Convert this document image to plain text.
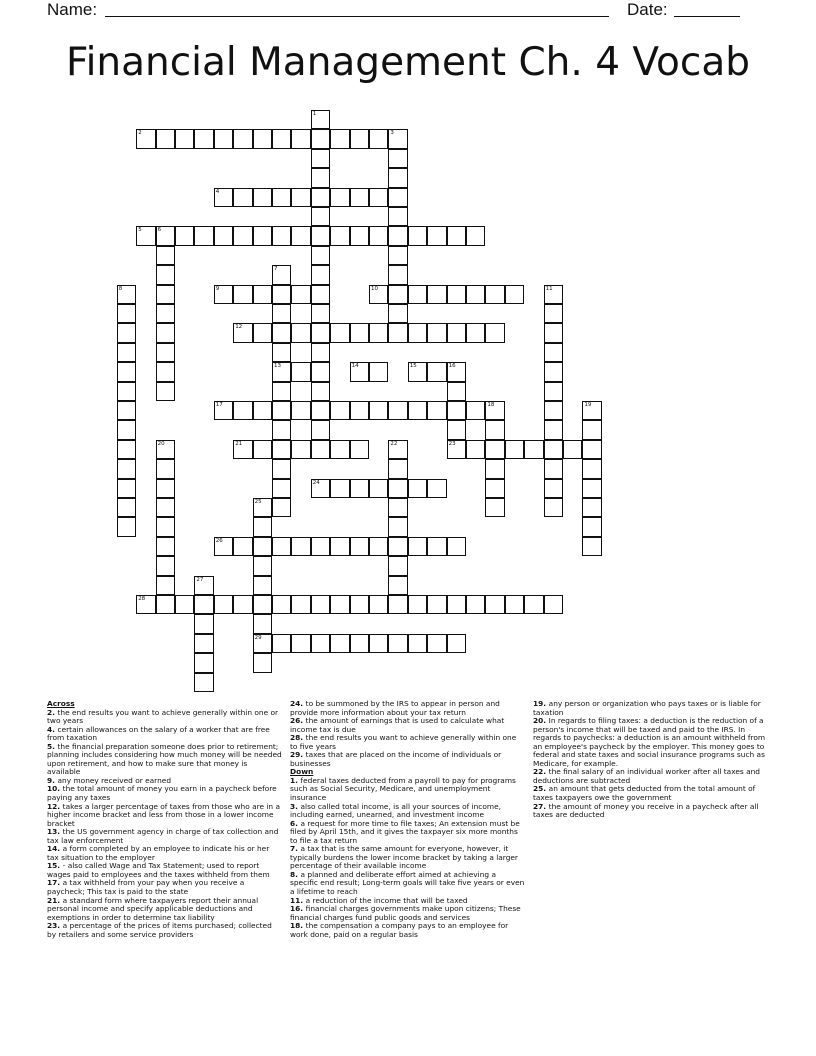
Name:	Date:
Financial Management Ch. 4 Vocab
1
2	3
4
5	6
7
13
8	9	10	11
12
14	15	16
17	18	19
20	21	22	23
24
25
29
26
27
28
Across
2. the end results you want to achieve generally within one or two years
4. certain allowances on the salary of a worker that are free from taxation
5. the financial preparation someone does prior to retirement; planning includes considering how much money will be needed upon retirement, and how to make sure that money is available
9. any money received or earned
10. the total amount of money you earn in a paycheck before paying any taxes
12. takes a larger percentage of taxes from those who are in a higher income bracket and less from those in a lower income bracket
13. the US government agency in charge of tax collection and tax law enforcement
14. a form completed by an employee to indicate his or her tax situation to the employer
15. - also called Wage and Tax Statement; used to report wages paid to employees and the taxes withheld from them
17. a tax withheld from your pay when you receive a paycheck; This tax is paid to the state
21. a standard form where taxpayers report their annual personal income and specify applicable deductions and exemptions in order to determine tax liability
23. a percentage of the prices of items purchased; collected by retailers and some service providers
24. to be summoned by the IRS to appear in person and provide more information about your tax return
26. the amount of earnings that is used to calculate what income tax is due
28. the end results you want to achieve generally within one to five years
29. taxes that are placed on the income of individuals or businesses
Down
1. federal taxes deducted from a payroll to pay for programs such as Social Security, Medicare, and unemployment insurance
3. also called total income, is all your sources of income, including earned, unearned, and investment income
6. a request for more time to file taxes; An extension must be filed by April 15th, and it gives the taxpayer six more months to file a tax return
7. a tax that is the same amount for everyone, however, it typically burdens the lower income bracket by taking a larger percentage of their available income
8. a planned and deliberate effort aimed at achieving a specific end result; Long-term goals will take five years or even a lifetime to reach
11. a reduction of the income that will be taxed
16. financial charges governments make upon citizens; These financial charges fund public goods and services
18. the compensation a company pays to an employee for work done, paid on a regular basis
19. any person or organization who pays taxes or is liable for taxation
20. In regards to filing taxes: a deduction is the reduction of a person's income that will be taxed and paid to the IRS. In regards to paychecks: a deduction is an amount withheld from an employee's paycheck by the employer. This money goes to federal and state taxes and social insurance programs such as Medicare, for example.
22. the final salary of an individual worker after all taxes and deductions are subtracted
25. an amount that gets deducted from the total amount of taxes taxpayers owe the government
27. the amount of money you receive in a paycheck after all taxes are deducted
